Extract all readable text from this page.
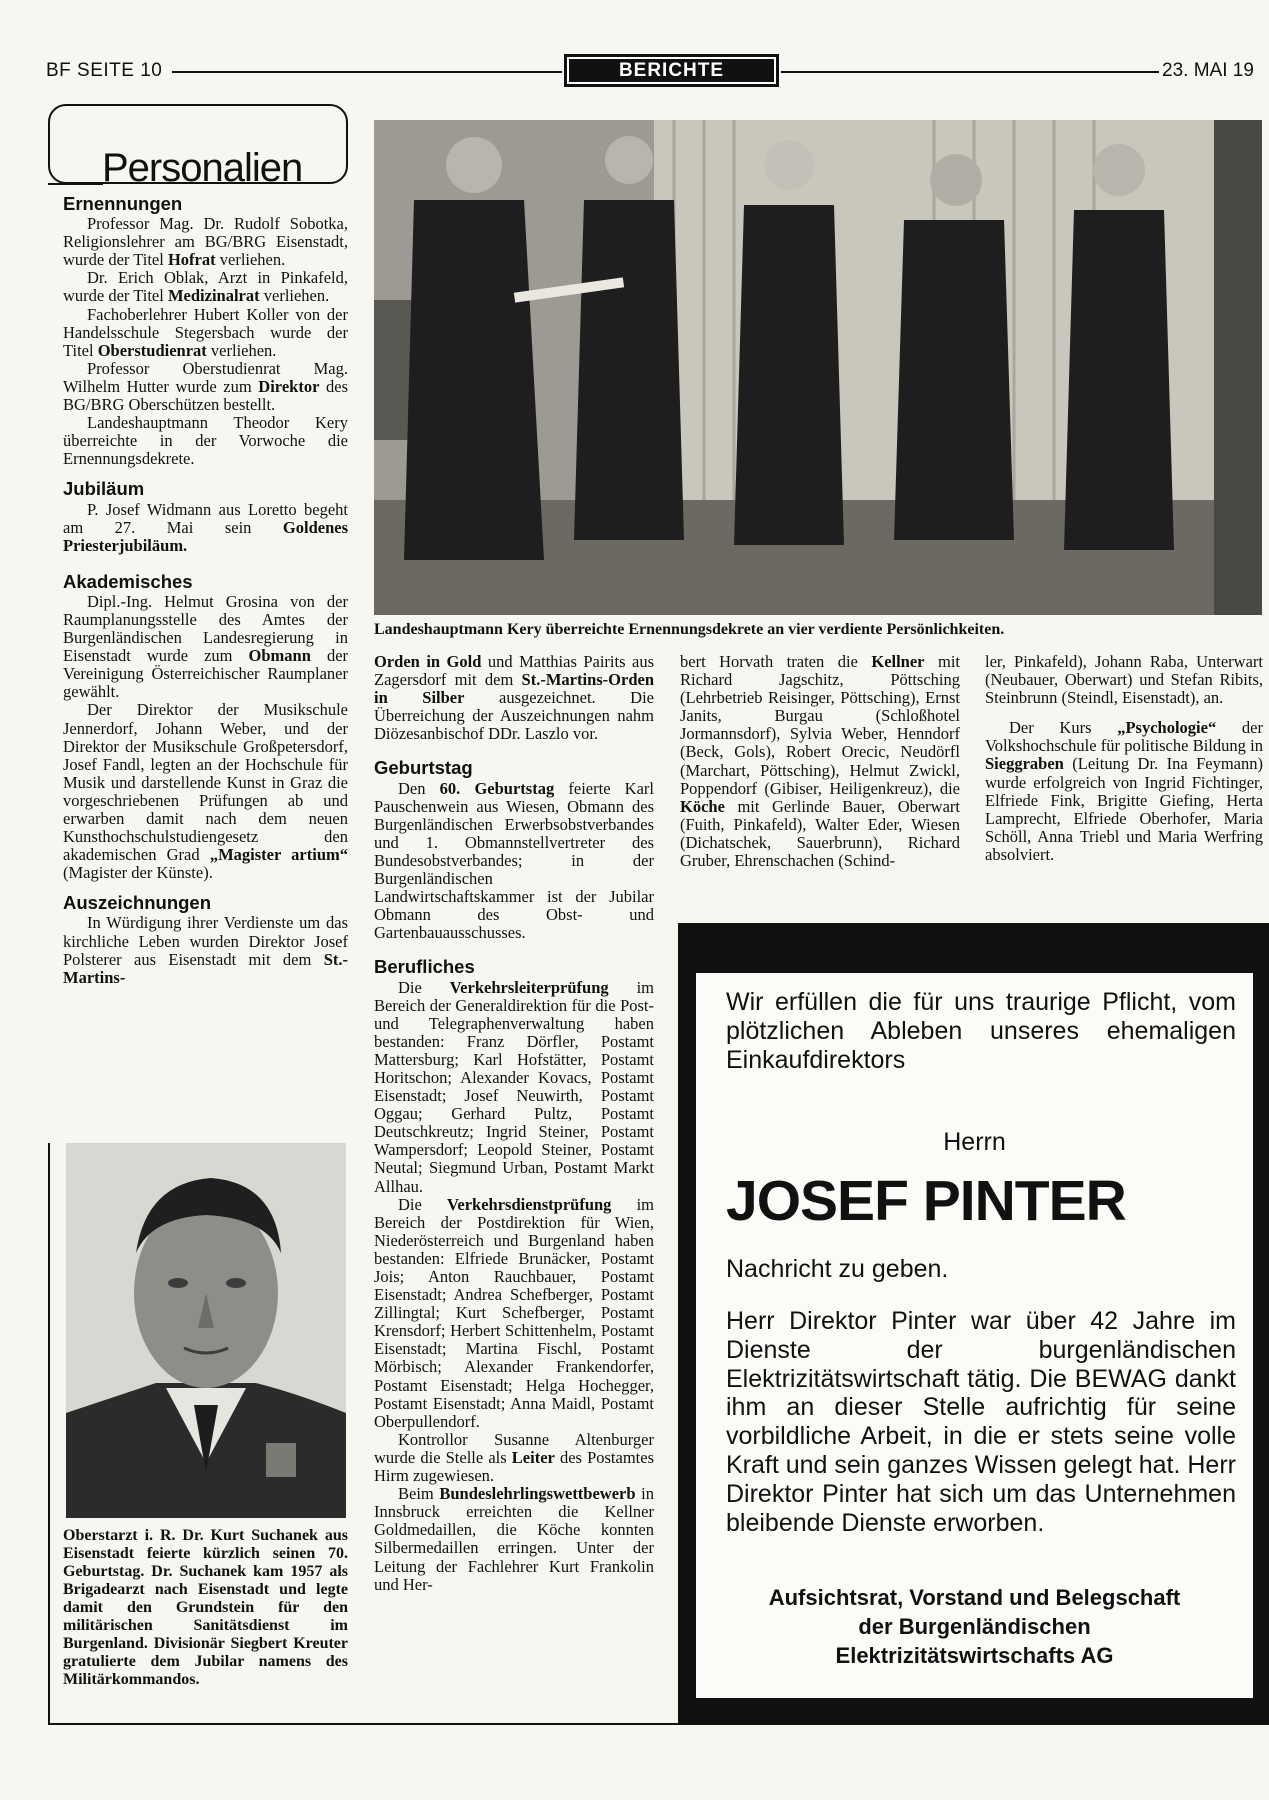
BF SEITE 10	BERICHTE	23. MAI 19
Personalien
Ernennungen

Professor Mag. Dr. Rudolf Sobotka, Religionslehrer am BG/BRG Eisenstadt, wurde der Titel Hofrat verliehen.

Dr. Erich Oblak, Arzt in Pinkafeld, wurde der Titel Medizinalrat verliehen.

Fachoberlehrer Hubert Koller von der Handelsschule Stegersbach wurde der Titel Oberstudienrat verliehen.

Professor Oberstudienrat Mag. Wilhelm Hutter wurde zum Direktor des BG/BRG Oberschützen bestellt.

Landeshauptmann Theodor Kery überreichte in der Vorwoche die Ernennungsdekrete.

Jubiläum

P. Josef Widmann aus Loretto begeht am 27. Mai sein Goldenes Priesterjubiläum.

Akademisches

Dipl.-Ing. Helmut Grosina von der Raumplanungsstelle des Amtes der Burgenländischen Landesregierung in Eisenstadt wurde zum Obmann der Vereinigung Österreichischer Raumplaner gewählt.

Der Direktor der Musikschule Jennerdorf, Johann Weber, und der Direktor der Musikschule Großpetersdorf, Josef Fandl, legten an der Hochschule für Musik und darstellende Kunst in Graz die vorgeschriebenen Prüfungen ab und erwarben damit nach dem neuen Kunsthochschulstudiengesetz den akademischen Grad „Magister artium“ (Magister der Künste).

Auszeichnungen

In Würdigung ihrer Verdienste um das kirchliche Leben wurden Direktor Josef Polsterer aus Eisenstadt mit dem St.-Martins-

Oberstarzt i. R. Dr. Kurt Suchanek aus Eisenstadt feierte kürzlich seinen 70. Geburtstag. Dr. Suchanek kam 1957 als Brigadearzt nach Eisenstadt und legte damit den Grundstein für den militärischen Sanitätsdienst im Burgenland. Divisionär Siegbert Kreuter gratulierte dem Jubilar namens des Militärkommandos.
Landeshauptmann Kery überreichte Ernennungsdekrete an vier verdiente Persönlichkeiten.

Orden in Gold und Matthias Pairits aus Zagersdorf mit dem St.-Martins-Orden in Silber ausgezeichnet. Die Überreichung der Auszeichnungen nahm Diözesanbischof DDr. Laszlo vor.

Geburtstag

Den 60. Geburtstag feierte Karl Pauschenwein aus Wiesen, Obmann des Burgenländischen Erwerbsobstverbandes und 1. Obmannstellvertreter des Bundesobstverbandes; in der Burgenländischen Landwirtschaftskammer ist der Jubilar Obmann des Obst- und Gartenbauausschusses.

Berufliches

Die Verkehrsleiterprüfung im Bereich der Generaldirektion für die Post- und Telegraphenverwaltung haben bestanden: Franz Dörfler, Postamt Mattersburg; Karl Hofstätter, Postamt Horitschon; Alexander Kovacs, Postamt Eisenstadt; Josef Neuwirth, Postamt Oggau; Gerhard Pultz, Postamt Deutschkreutz; Ingrid Steiner, Postamt Wampersdorf; Leopold Steiner, Postamt Neutal; Siegmund Urban, Postamt Markt Allhau.

Die Verkehrsdienstprüfung im Bereich der Postdirektion für Wien, Niederösterreich und Burgenland haben bestanden: Elfriede Brunäcker, Postamt Jois; Anton Rauchbauer, Postamt Eisenstadt; Andrea Schefberger, Postamt Zillingtal; Kurt Schefberger, Postamt Krensdorf; Herbert Schittenhelm, Postamt Eisenstadt; Martina Fischl, Postamt Mörbisch; Alexander Frankendorfer, Postamt Eisenstadt; Helga Hochegger, Postamt Eisenstadt; Anna Maidl, Postamt Oberpullendorf.

Kontrollor Susanne Altenburger wurde die Stelle als Leiter des Postamtes Hirm zugewiesen.

Beim Bundeslehrlingswettbewerb in Innsbruck erreichten die Kellner Goldmedaillen, die Köche konnten Silbermedaillen erringen. Unter der Leitung der Fachlehrer Kurt Frankolin und Her-

bert Horvath traten die Kellner mit Richard Jagschitz, Pöttsching (Lehrbetrieb Reisinger, Pöttsching), Ernst Janits, Burgau (Schloßhotel Jormannsdorf), Sylvia Weber, Henndorf (Beck, Gols), Robert Orecic, Neudörfl (Marchart, Pöttsching), Helmut Zwickl, Poppendorf (Gibiser, Heiligenkreuz), die Köche mit Gerlinde Bauer, Oberwart (Fuith, Pinkafeld), Walter Eder, Wiesen (Dichatschek, Sauerbrunn), Richard Gruber, Ehrenschachen (Schind-

ler, Pinkafeld), Johann Raba, Unterwart (Neubauer, Oberwart) und Stefan Ribits, Steinbrunn (Steindl, Eisenstadt), an.

Der Kurs „Psychologie“ der Volkshochschule für politische Bildung in Sieggraben (Leitung Dr. Ina Feymann) wurde erfolgreich von Ingrid Fichtinger, Elfriede Fink, Brigitte Giefing, Herta Lamprecht, Elfriede Oberhofer, Maria Schöll, Anna Triebl und Maria Werfring absolviert.

Wir erfüllen die für uns traurige Pflicht, vom plötzlichen Ableben unseres ehemaligen Einkaufdirektors
Herrn
JOSEF PINTER
Nachricht zu geben.
Herr Direktor Pinter war über 42 Jahre im Dienste der burgenländischen Elektrizitätswirtschaft tätig. Die BEWAG dankt ihm an dieser Stelle aufrichtig für seine vorbildliche Arbeit, in die er stets seine volle Kraft und sein ganzes Wissen gelegt hat. Herr Direktor Pinter hat sich um das Unternehmen bleibende Dienste erworben.
Aufsichtsrat, Vorstand und Belegschaft
der Burgenländischen
Elektrizitätswirtschafts AG
